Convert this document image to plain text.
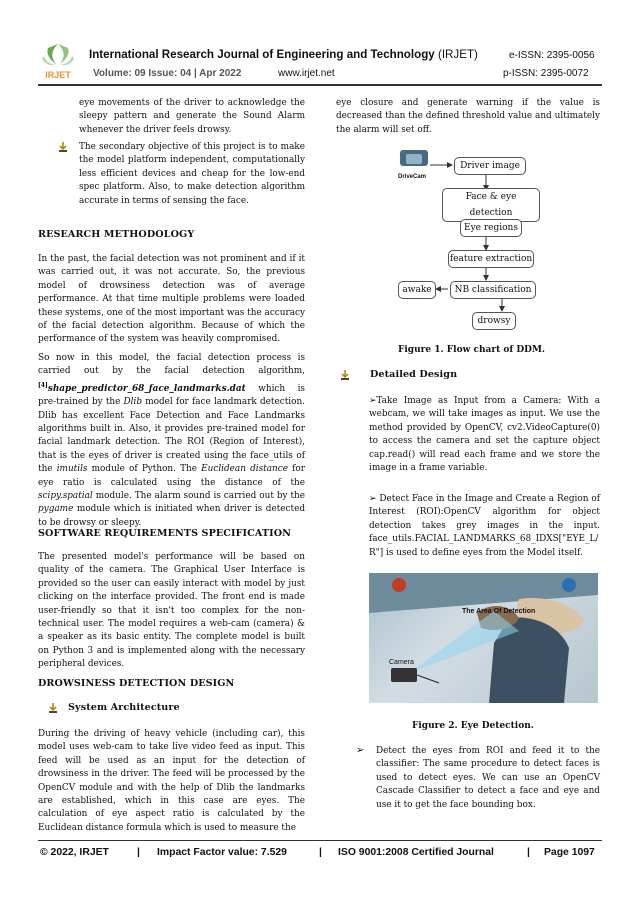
IRJET
International Research Journal of Engineering and Technology (IRJET)	e-ISSN: 2395-0056
Volume: 09 Issue: 04 | Apr 2022	www.irjet.net	p-ISSN: 2395-0072
eye movements of the driver to acknowledge the sleepy pattern and generate the Sound Alarm whenever the driver feels drowsy.
The secondary objective of this project is to make the model platform independent, computationally less efficient devices and cheap for the low-end spec platform. Also, to make detection algorithm accurate in terms of sensing the face.
RESEARCH METHODOLOGY
In the past, the facial detection was not prominent and if it was carried out, it was not accurate. So, the previous model of drowsiness detection was of average performance. At that time multiple problems were loaded these systems, one of the most important was the accuracy of the facial detection algorithm. Because of which the performance of the system was heavily compromised.
So now in this model, the facial detection process is carried out by the facial detection algorithm, [4]shape_predictor_68_face_landmarks.dat which is pre-trained by the Dlib model for face landmark detection. Dlib has excellent Face Detection and Face Landmarks algorithms built in. Also, it provides pre-trained model for facial landmark detection. The ROI (Region of Interest), that is the eyes of driver is created using the face_utils of the imutils module of Python. The Euclidean distance for eye ratio is calculated using the distance of the scipy.spatial module. The alarm sound is carried out by the pygame module which is initiated when driver is detected to be drowsy or sleepy.
SOFTWARE REQUIREMENTS SPECIFICATION
The presented model's performance will be based on quality of the camera. The Graphical User Interface is provided so the user can easily interact with model by just clicking on the interface provided. The front end is made user-friendly so that it isn't too complex for the non-technical user. The model requires a web-cam (camera) & a speaker as its basic entity. The complete model is built on Python 3 and is implemented along with the necessary peripheral devices.
DROWSINESS DETECTION DESIGN
System Architecture
During the driving of heavy vehicle (including car), this model uses web-cam to take live video feed as input. This feed will be used as an input for the detection of drowsiness in the driver. The feed will be processed by the OpenCV module and with the help of Dlib the landmarks are established, which in this case are eyes. The calculation of eye aspect ratio is calculated by the Euclidean distance formula which is used to measure the
eye closure and generate warning if the value is decreased than the defined threshold value and ultimately the alarm will set off.
DriveCam
Driver image
Face & eye detection
Eye regions
feature extraction
NB classification
awake
drowsy
Figure 1. Flow chart of DDM.
Detailed Design
➢Take Image as Input from a Camera: With a webcam, we will take images as input. We use the method provided by OpenCV, cv2.VideoCapture(0) to access the camera and set the capture object cap.read() will read each frame and we store the image in a frame variable.
➢ Detect Face in the Image and Create a Region of Interest (ROI):OpenCV algorithm for object detection takes grey images in the input. face_utils.FACIAL_LANDMARKS_68_IDXS["EYE_L/ R"] is used to define eyes from the Model itself.
The Area Of Detection
Camera
Figure 2. Eye Detection.
➢ Detect the eyes from ROI and feed it to the classifier: The same procedure to detect faces is used to detect eyes. We can use an OpenCV Cascade Classifier to detect a face and eye and use it to get the face bounding box.
© 2022, IRJET	| Impact Factor value: 7.529	| ISO 9001:2008 Certified Journal	| Page 1097
